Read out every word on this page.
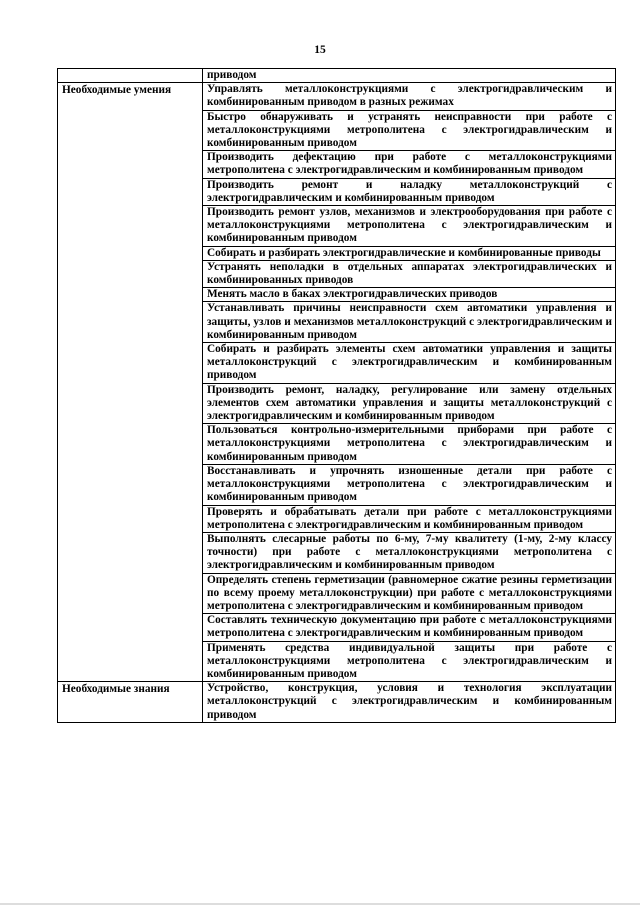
15
	приводом
Необходимые умения	Управлять металлоконструкциями с электрогидравлическим и комбинированным приводом в разных режимах
	Быстро обнаруживать и устранять неисправности при работе с металлоконструкциями метрополитена с электрогидравлическим и комбинированным приводом
	Производить дефектацию при работе с металлоконструкциями метрополитена с электрогидравлическим и комбинированным приводом
	Производить ремонт и наладку металлоконструкций с электрогидравлическим и комбинированным приводом
	Производить ремонт узлов, механизмов и электрооборудования при работе с металлоконструкциями метрополитена с электрогидравлическим и комбинированным приводом
	Собирать и разбирать электрогидравлические и комбинированные приводы
	Устранять неполадки в отдельных аппаратах электрогидравлических и комбинированных приводов
	Менять масло в баках электрогидравлических приводов
	Устанавливать причины неисправности схем автоматики управления и защиты, узлов и механизмов металлоконструкций с электрогидравлическим и комбинированным приводом
	Собирать и разбирать элементы схем автоматики управления и защиты металлоконструкций с электрогидравлическим и комбинированным приводом
	Производить ремонт, наладку, регулирование или замену отдельных элементов схем автоматики управления и защиты металлоконструкций с электрогидравлическим и комбинированным приводом
	Пользоваться контрольно-измерительными приборами при работе с металлоконструкциями метрополитена с электрогидравлическим и комбинированным приводом
	Восстанавливать и упрочнять изношенные детали при работе с металлоконструкциями метрополитена с электрогидравлическим и комбинированным приводом
	Проверять и обрабатывать детали при работе с металлоконструкциями метрополитена с электрогидравлическим и комбинированным приводом
	Выполнять слесарные работы по 6-му, 7-му квалитету (1-му, 2-му классу точности) при работе с металлоконструкциями метрополитена с электрогидравлическим и комбинированным приводом
	Определять степень герметизации (равномерное сжатие резины герметизации по всему проему металлоконструкции) при работе с металлоконструкциями метрополитена с электрогидравлическим и комбинированным приводом
	Составлять техническую документацию при работе с металлоконструкциями метрополитена с электрогидравлическим и комбинированным приводом
	Применять средства индивидуальной защиты при работе с металлоконструкциями метрополитена с электрогидравлическим и комбинированным приводом
Необходимые знания	Устройство, конструкция, условия и технология эксплуатации металлоконструкций с электрогидравлическим и комбинированным приводом
